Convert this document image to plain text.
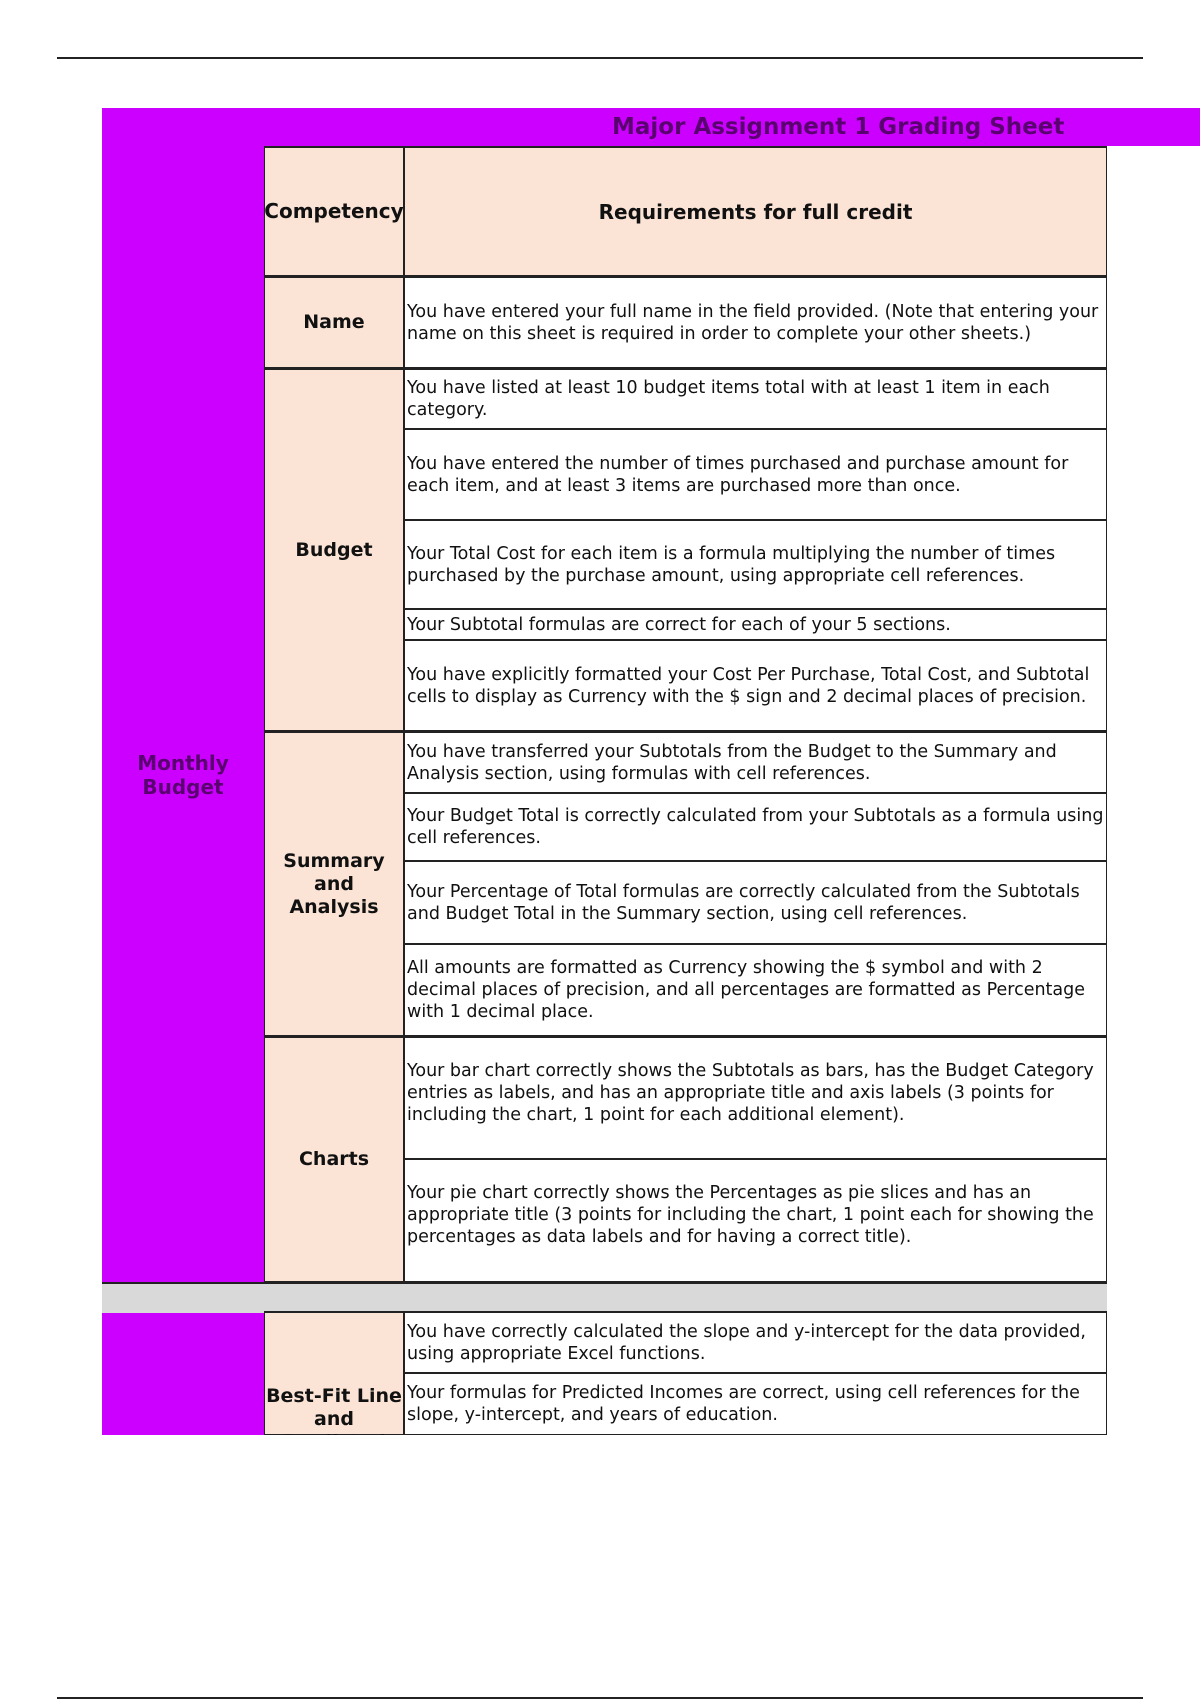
Major Assignment 1 Grading Sheet
Monthly
Budget
Competency	Requirements for full credit
Name	You have entered your full name in the field provided. (Note that entering your name on this sheet is required in order to complete your other sheets.)
Budget
You have listed at least 10 budget items total with at least 1 item in each category.
You have entered the number of times purchased and purchase amount for each item, and at least 3 items are purchased more than once.
Your Total Cost for each item is a formula multiplying the number of times purchased by the purchase amount, using appropriate cell references.
Your Subtotal formulas are correct for each of your 5 sections.
You have explicitly formatted your Cost Per Purchase, Total Cost, and Subtotal cells to display as Currency with the $ sign and 2 decimal places of precision.
Summary and Analysis
You have transferred your Subtotals from the Budget to the Summary and Analysis section, using formulas with cell references.
Your Budget Total is correctly calculated from your Subtotals as a formula using cell references.
Your Percentage of Total formulas are correctly calculated from the Subtotals and Budget Total in the Summary section, using cell references.
All amounts are formatted as Currency showing the $ symbol and with 2 decimal places of precision, and all percentages are formatted as Percentage with 1 decimal place.
Charts
Your bar chart correctly shows the Subtotals as bars, has the Budget Category entries as labels, and has an appropriate title and axis labels (3 points for including the chart, 1 point for each additional element).
Your pie chart correctly shows the Percentages as pie slices and has an appropriate title (3 points for including the chart, 1 point each for showing the percentages as data labels and for having a correct title).
Best-Fit Line and
You have correctly calculated the slope and y-intercept for the data provided, using appropriate Excel functions.
Your formulas for Predicted Incomes are correct, using cell references for the slope, y-intercept, and years of education.
